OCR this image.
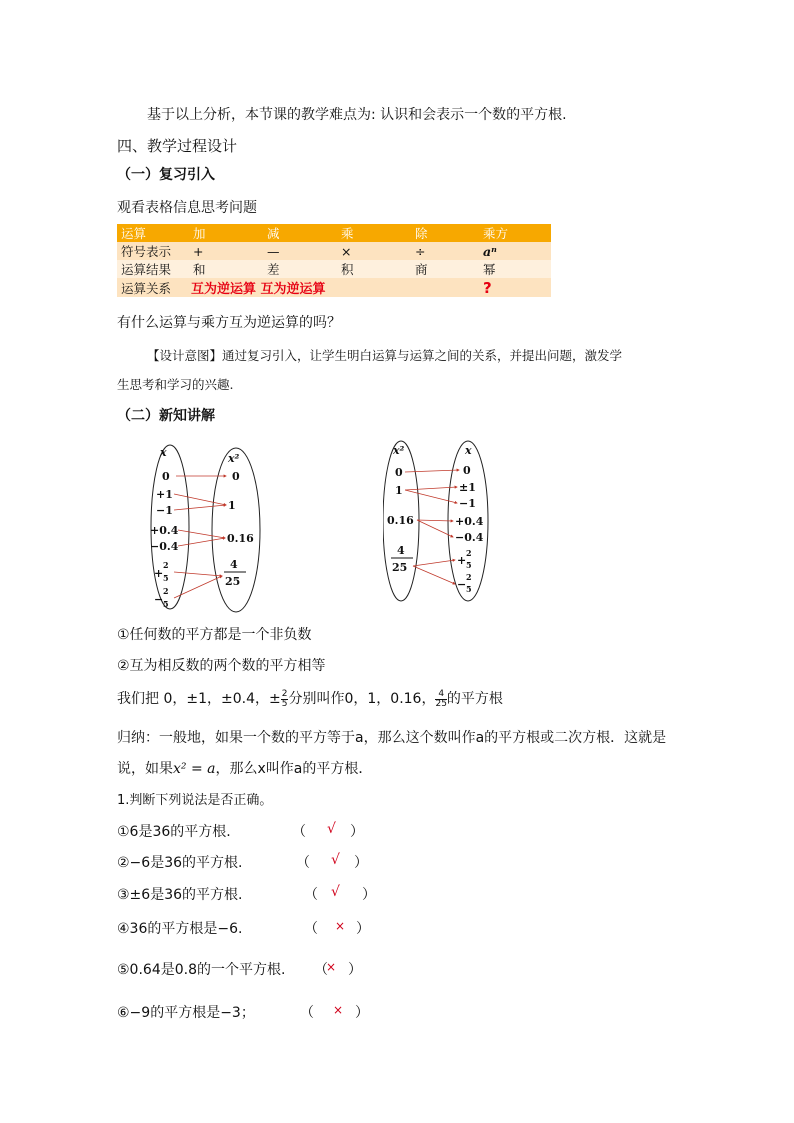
基于以上分析，本节课的教学难点为: 认识和会表示一个数的平方根.
四、教学过程设计
（一）复习引入
观看表格信息思考问题
运算	加	减	乘	除	乘方
符号表示	+	—	×	÷	aⁿ
运算结果	和	差	积	商	幂
运算关系	互为逆运算 互为逆运算				?
有什么运算与乘方互为逆运算的吗？
【设计意图】通过复习引入，让学生明白运算与运算之间的关系，并提出问题，激发学
生思考和学习的兴趣.
（二）新知讲解
x	x²
0
+1
−1
+0.4
−0.4
+
2
5
−
2
5
0
1
0.16
4
25
x²	x
0
1
0.16
4
25
0
±1
−1
+0.4
−0.4
+
2
5
−
2
5
①任何数的平方都是一个非负数
②互为相反数的两个数的平方相等
我们把 0，±1，±0.4，± $\frac{2}{5}$ 分别叫作0，1，0.16， $\frac{4}{25}$ 的平方根
归纳：一般地，如果一个数的平方等于a，那么这个数叫作a的平方根或二次方根．这就是
说，如果x² = a，那么x叫作a的平方根．
1.判断下列说法是否正确。
①6是36的平方根.	（ √ ）
②−6是36的平方根.	（ √ ）
③±6是36的平方根.	（ √ ）
④36的平方根是−6.	（ × ）
⑤0.64是0.8的一个平方根. （
× ）
⑥−9的平方根是−3；	（ × ）
